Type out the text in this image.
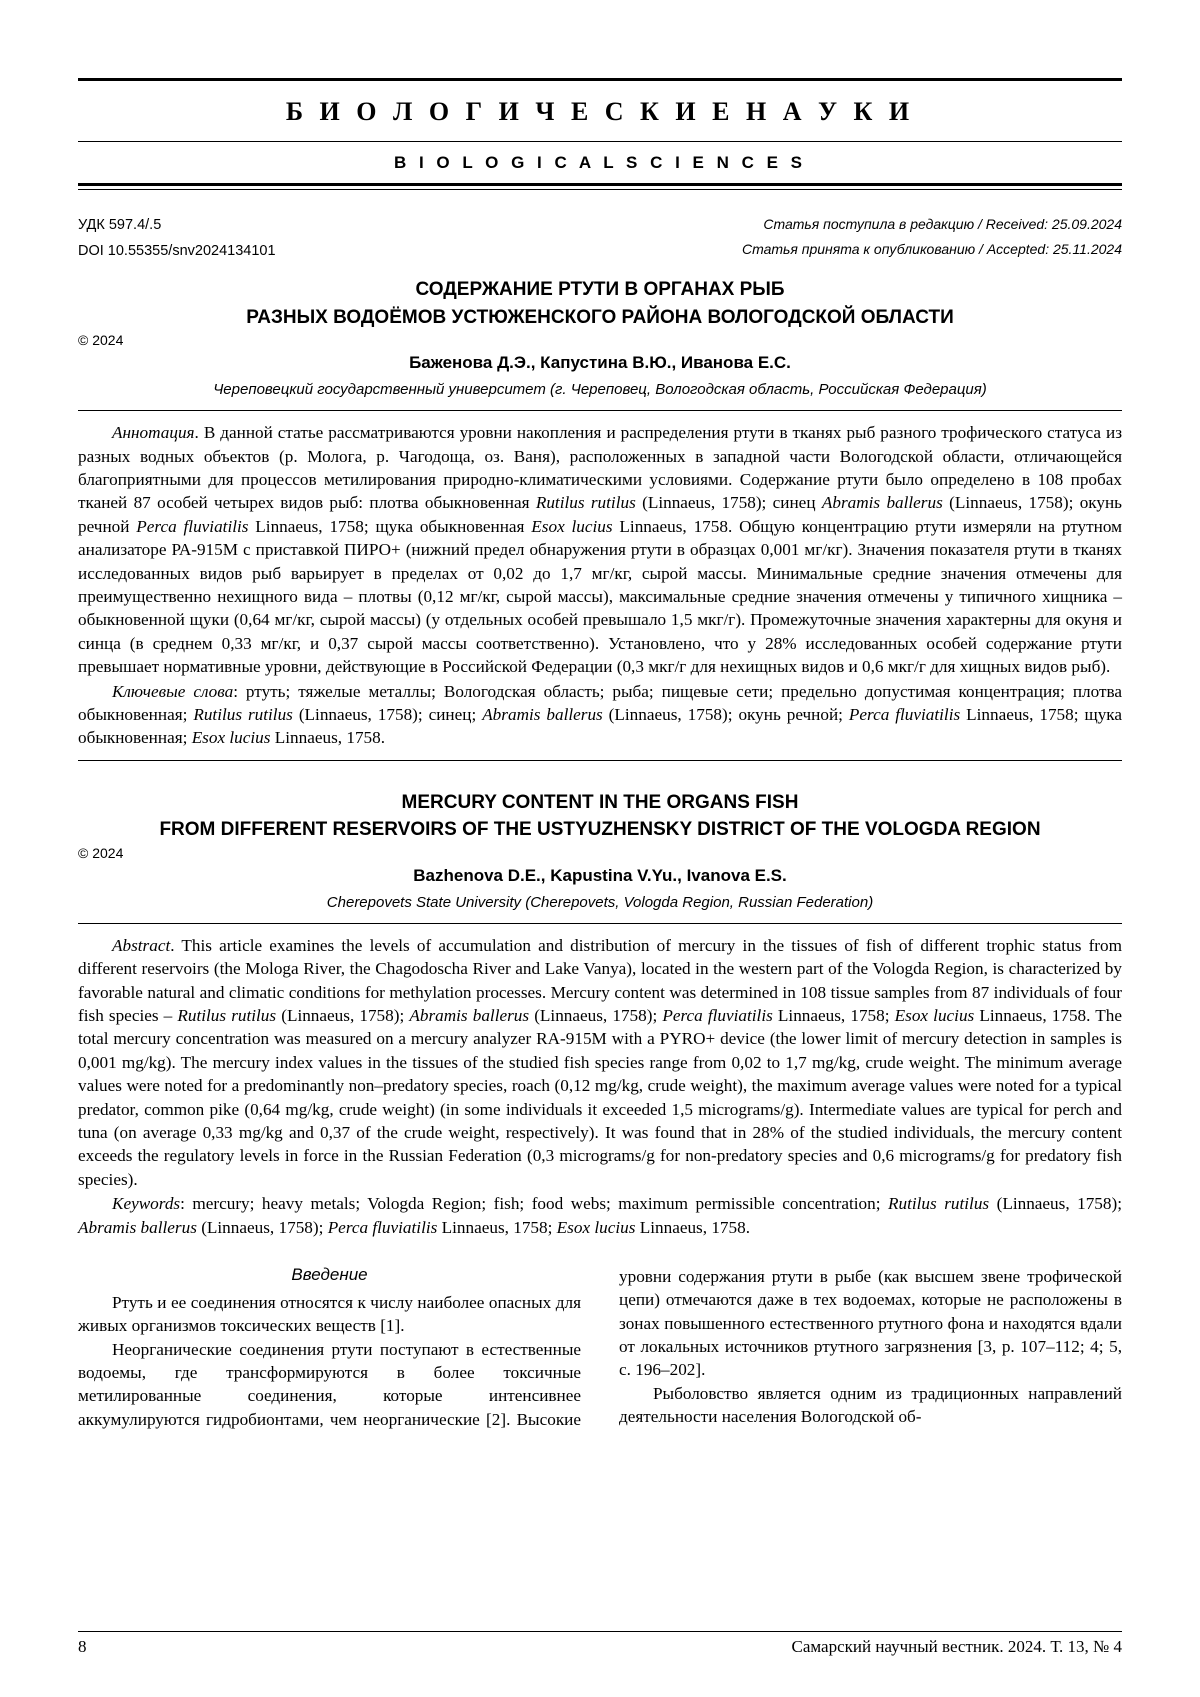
Б И О Л О Г И Ч Е С К И Е Н А У К И
B I O L O G I C A L S C I E N C E S
УДК 597.4/.5
DOI 10.55355/snv2024134101
Статья поступила в редакцию / Received: 25.09.2024
Статья принята к опубликованию / Accepted: 25.11.2024
СОДЕРЖАНИЕ РТУТИ В ОРГАНАХ РЫБ
РАЗНЫХ ВОДОЁМОВ УСТЮЖЕНСКОГО РАЙОНА ВОЛОГОДСКОЙ ОБЛАСТИ
© 2024
Баженова Д.Э., Капустина В.Ю., Иванова Е.С.
Череповецкий государственный университет (г. Череповец, Вологодская область, Российская Федерация)

Аннотация. В данной статье рассматриваются уровни накопления и распределения ртути в тканях рыб разного трофического статуса из разных водных объектов (р. Молога, р. Чагодоща, оз. Ваня), расположенных в западной части Вологодской области, отличающейся благоприятными для процессов метилирования природно-климатическими условиями. Содержание ртути было определено в 108 пробах тканей 87 особей четырех видов рыб: плотва обыкновенная Rutilus rutilus (Linnaeus, 1758); синец Abramis ballerus (Linnaeus, 1758); окунь речной Perca fluviatilis Linnaeus, 1758; щука обыкновенная Esox lucius Linnaeus, 1758. Общую концентрацию ртути измеряли на ртутном анализаторе РА-915М с приставкой ПИРО+ (нижний предел обнаружения ртути в образцах 0,001 мг/кг). Значения показателя ртути в тканях исследованных видов рыб варьирует в пределах от 0,02 до 1,7 мг/кг, сырой массы. Минимальные средние значения отмечены для преимущественно нехищного вида – плотвы (0,12 мг/кг, сырой массы), максимальные средние значения отмечены у типичного хищника – обыкновенной щуки (0,64 мг/кг, сырой массы) (у отдельных особей превышало 1,5 мкг/г). Промежуточные значения характерны для окуня и синца (в среднем 0,33 мг/кг, и 0,37 сырой массы соответственно). Установлено, что у 28% исследованных особей содержание ртути превышает нормативные уровни, действующие в Российской Федерации (0,3 мкг/г для нехищных видов и 0,6 мкг/г для хищных видов рыб).

Ключевые слова: ртуть; тяжелые металлы; Вологодская область; рыба; пищевые сети; предельно допустимая концентрация; плотва обыкновенная; Rutilus rutilus (Linnaeus, 1758); синец; Abramis ballerus (Linnaeus, 1758); окунь речной; Perca fluviatilis Linnaeus, 1758; щука обыкновенная; Esox lucius Linnaeus, 1758.

MERCURY CONTENT IN THE ORGANS FISH
FROM DIFFERENT RESERVOIRS OF THE USTYUZHENSKY DISTRICT OF THE VOLOGDA REGION
© 2024
Bazhenova D.E., Kapustina V.Yu., Ivanova E.S.
Cherepovets State University (Cherepovets, Vologda Region, Russian Federation)

Abstract. This article examines the levels of accumulation and distribution of mercury in the tissues of fish of different trophic status from different reservoirs (the Mologa River, the Chagodoscha River and Lake Vanya), located in the western part of the Vologda Region, is characterized by favorable natural and climatic conditions for methylation processes. Mercury content was determined in 108 tissue samples from 87 individuals of four fish species – Rutilus rutilus (Linnaeus, 1758); Abramis ballerus (Linnaeus, 1758); Perca fluviatilis Linnaeus, 1758; Esox lucius Linnaeus, 1758. The total mercury concentration was measured on a mercury analyzer RA-915M with a PYRO+ device (the lower limit of mercury detection in samples is 0,001 mg/kg). The mercury index values in the tissues of the studied fish species range from 0,02 to 1,7 mg/kg, crude weight. The minimum average values were noted for a predominantly non–predatory species, roach (0,12 mg/kg, crude weight), the maximum average values were noted for a typical predator, common pike (0,64 mg/kg, crude weight) (in some individuals it exceeded 1,5 micrograms/g). Intermediate values are typical for perch and tuna (on average 0,33 mg/kg and 0,37 of the crude weight, respectively). It was found that in 28% of the studied individuals, the mercury content exceeds the regulatory levels in force in the Russian Federation (0,3 micrograms/g for non-predatory species and 0,6 micrograms/g for predatory fish species).

Keywords: mercury; heavy metals; Vologda Region; fish; food webs; maximum permissible concentration; Rutilus rutilus (Linnaeus, 1758); Abramis ballerus (Linnaeus, 1758); Perca fluviatilis Linnaeus, 1758; Esox lucius Linnaeus, 1758.

Введение

Ртуть и ее соединения относятся к числу наиболее опасных для живых организмов токсических веществ [1].

Неорганические соединения ртути поступают в естественные водоемы, где трансформируются в более токсичные метилированные соединения, которые интенсивнее аккумулируются гидробионтами, чем неорганические [2]. Высокие уровни содержания ртути в рыбе (как высшем звене трофической цепи) отмечаются даже в тех водоемах, которые не расположены в зонах повышенного естественного ртутного фона и находятся вдали от локальных источников ртутного загрязнения [3, p. 107–112; 4; 5, с. 196–202].

Рыболовство является одним из традиционных направлений деятельности населения Вологодской об-

8	Самарский научный вестник. 2024. Т. 13, № 4
